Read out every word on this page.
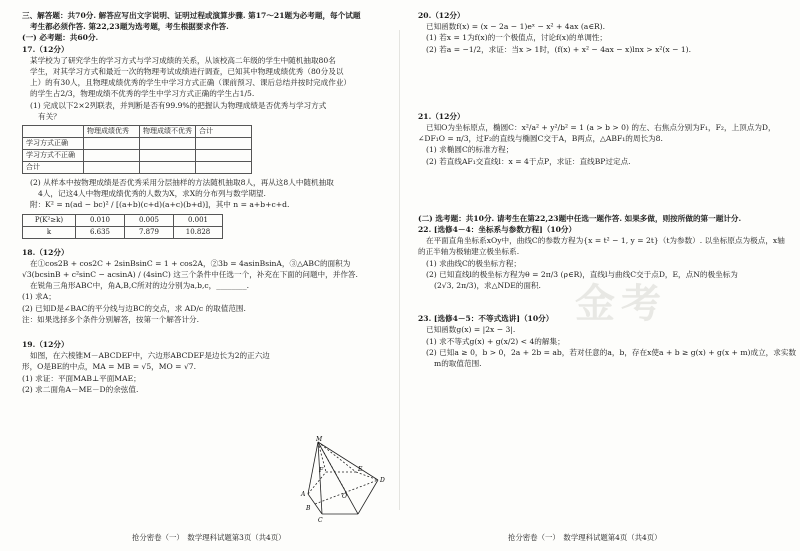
三、解答题：共70分. 解答应写出文字说明、证明过程或演算步骤. 第17～21题为必考题，每个试题

考生都必须作答. 第22,23题为选考题，考生根据要求作答.

(一) 必考题：共60分.

17.（12分）

某学校为了研究学生的学习方式与学习成绩的关系，从该校高二年级的学生中随机抽取80名

学生，对其学习方式和最近一次的物理考试成绩进行调查，已知其中物理成绩优秀（80分及以

上）的有30人，且物理成绩优秀的学生中学习方式正确（课前预习、课后总结并按时完成作业）

的学生占2/3，物理成绩不优秀的学生中学习方式正确的学生占1/5.

(1) 完成以下2×2列联表，并判断是否有99.9%的把握认为物理成绩是否优秀与学习方式

有关？

	物理成绩优秀	物理成绩不优秀	合计
学习方式正确			
学习方式不正确			
合计			

(2) 从样本中按物理成绩是否优秀采用分层抽样的方法随机抽取8人，再从这8人中随机抽取

4人，记这4人中物理成绩优秀的人数为X，求X的分布列与数学期望.

附：K² = n(ad − bc)² / [(a+b)(c+d)(a+c)(b+d)]，其中 n = a+b+c+d.

P(K²≥k)	0.010	0.005	0.001
k	6.635	7.879	10.828

18.（12分）

在①cos2B + cos2C + 2sinBsinC = 1 + cos2A，②3b = 4asinBsinA，③△ABC的面积为

√3(bcsinB + c²sinC − acsinA) / (4sinC) 这三个条件中任选一个，补充在下面的问题中，并作答.

在锐角三角形ABC中，角A,B,C所对的边分别为a,b,c，________.

(1) 求A；

(2) 已知D是∠BAC的平分线与边BC的交点，求 AD/c 的取值范围.

注：如果选择多个条件分别解答，按第一个解答计分.

19.（12分）

如图，在六棱锥M－ABCDEF中，六边形ABCDEF是边长为2的正六边

形，O是BE的中点，MA = MB = √5，MO = √7.

(1) 求证：平面MAB⊥平面MAE；

(2) 求二面角A－ME－D的余弦值.

M
F	E
A	O
D
B
C

20.（12分）

已知函数f(x) = (x − 2a − 1)eˣ − x² + 4ax (a∈R).

(1) 若x = 1为f(x)的一个极值点，讨论f(x)的单调性；

(2) 若a = −1/2，求证：当x > 1时，(f(x) + x² − 4ax − x)lnx > x²(x − 1).

21.（12分）

已知O为坐标原点，椭圆C：x²/a² + y²/b² = 1 (a > b > 0) 的左、右焦点分别为F₁，F₂，上顶点为D，

∠DF₁O = π/3，过F₂的直线与椭圆C交于A，B两点，△ABF₁的周长为8.

(1) 求椭圆C的标准方程；

(2) 若直线AF₁交直线l：x = 4于点P，求证：直线BP过定点.

(二) 选考题：共10分. 请考生在第22,23题中任选一题作答. 如果多做，则按所做的第一题计分.

22. [选修4－4：坐标系与参数方程]（10分）

在平面直角坐标系xOy中，曲线C的参数方程为{x = t² − 1, y = 2t}（t为参数）. 以坐标原点为极点，x轴

的正半轴为极轴建立极坐标系.

(1) 求曲线C的极坐标方程；

(2) 已知直线l的极坐标方程为θ = 2π/3 (ρ∈R)，直线l与曲线C交于点D，E，点N的极坐标为

(2√3, 2π/3)，求△NDE的面积.

23. [选修4－5：不等式选讲]（10分）

已知函数g(x) = |2x − 3|.

(1) 求不等式g(x) + g(x/2) < 4的解集；

(2) 已知a ≥ 0，b > 0，2a + 2b = ab，若对任意的a，b，存在x使a + b ≥ g(x) + g(x + m)成立，求实数

m的取值范围.

金考
抢分密卷（一）　数学理科试题第3页（共4页）	抢分密卷（一）　数学理科试题第4页（共4页）
